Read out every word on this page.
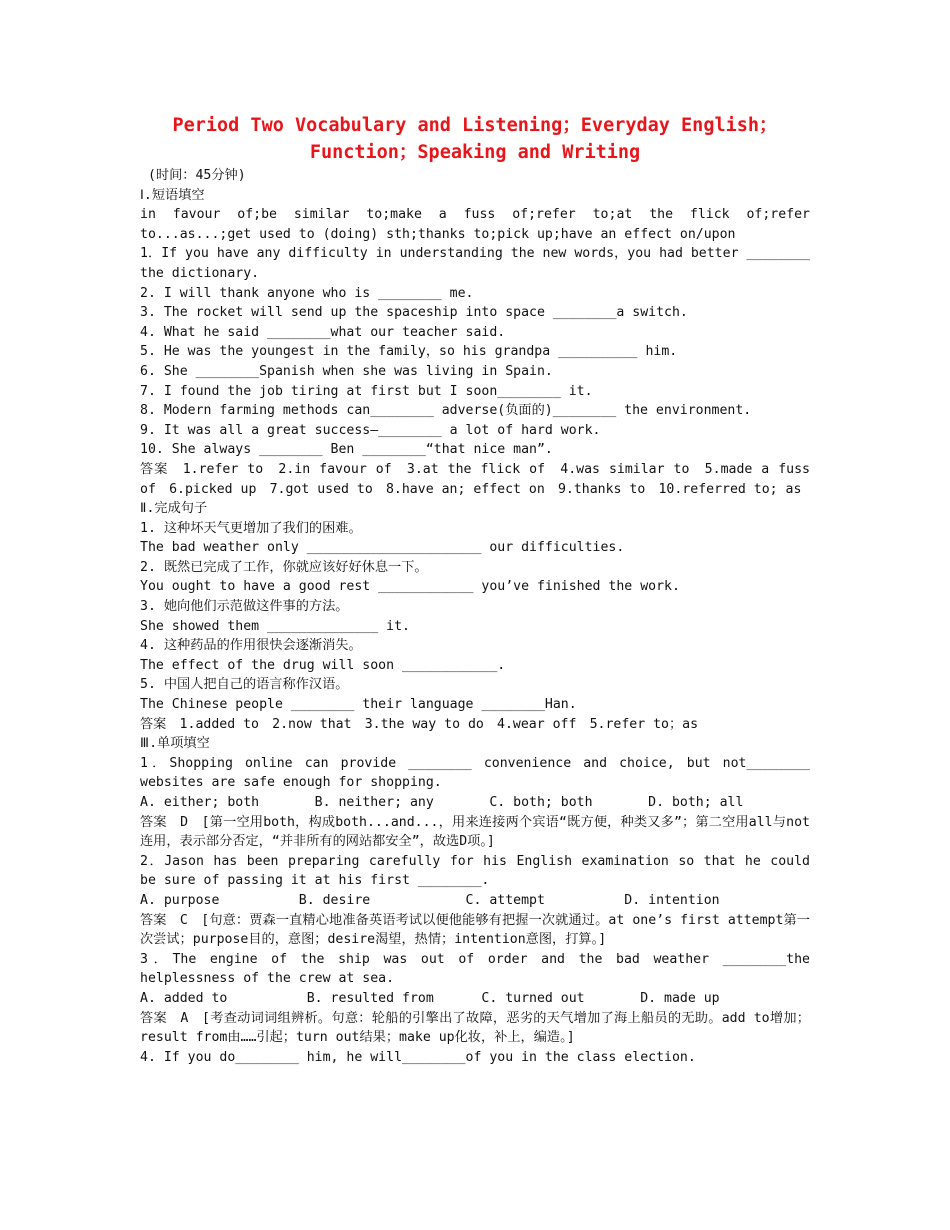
Period Two Vocabulary and Listening；Everyday English；
Function；Speaking and Writing
(时间：45分钟)
Ⅰ.短语填空
in favour of;be similar to;make a fuss of;refer to;at the flick of;refer to...as...;get used to (doing) sth;thanks to;pick up;have an effect on/upon
1．If you have any difficulty in understanding the new words，you had better ________ the dictionary.
2. I will thank anyone who is ________ me.
3. The rocket will send up the spaceship into space ________a switch.
4. What he said ________what our teacher said.
5. He was the youngest in the family，so his grandpa __________ him.
6. She ________Spanish when she was living in Spain.
7. I found the job tiring at first but I soon________ it.
8. Modern farming methods can________ adverse(负面的)________ the environment.
9. It was all a great success—________ a lot of hard work.
10. She always ________ Ben ________“that nice man”.
答案　1.refer to　2.in favour of　3.at the flick of　4.was similar to　5.made a fuss of　6.picked up　7.got used to　8.have an; effect on　9.thanks to　10.referred to; as
Ⅱ.完成句子
1. 这种坏天气更增加了我们的困难。
The bad weather only ______________________ our difficulties.
2. 既然已完成了工作，你就应该好好休息一下。
You ought to have a good rest ____________ you’ve finished the work.
3. 她向他们示范做这件事的方法。
She showed them ______________ it.
4. 这种药品的作用很快会逐渐消失。
The effect of the drug will soon ____________.
5. 中国人把自己的语言称作汉语。
The Chinese people ________ their language ________Han.
答案　1.added to　2.now that　3.the way to do　4.wear off　5.refer to；as
Ⅲ.单项填空
1．Shopping online can provide ________ convenience and choice, but not________ websites are safe enough for shopping.
A. either; both       B. neither; any       C. both; both       D. both; all
答案　D　[第一空用both，构成both...and...，用来连接两个宾语“既方便，种类又多”；第二空用all与not连用，表示部分否定，“并非所有的网站都安全”，故选D项。]
2．Jason has been preparing carefully for his English examination so that he could be sure of passing it at his first ________.
A. purpose          B. desire            C. attempt          D. intention
答案　C　[句意：贾森一直精心地准备英语考试以便他能够有把握一次就通过。at one’s first attempt第一次尝试；purpose目的，意图；desire渴望，热情；intention意图，打算。]
3．The engine of the ship was out of order and the bad weather ________the helplessness of the crew at sea.
A. added to          B. resulted from      C. turned out       D. made up
答案　A　[考查动词词组辨析。句意：轮船的引擎出了故障，恶劣的天气增加了海上船员的无助。add to增加；result from由……引起；turn out结果；make up化妆，补上，编造。]
4. If you do________ him, he will________of you in the class election.
